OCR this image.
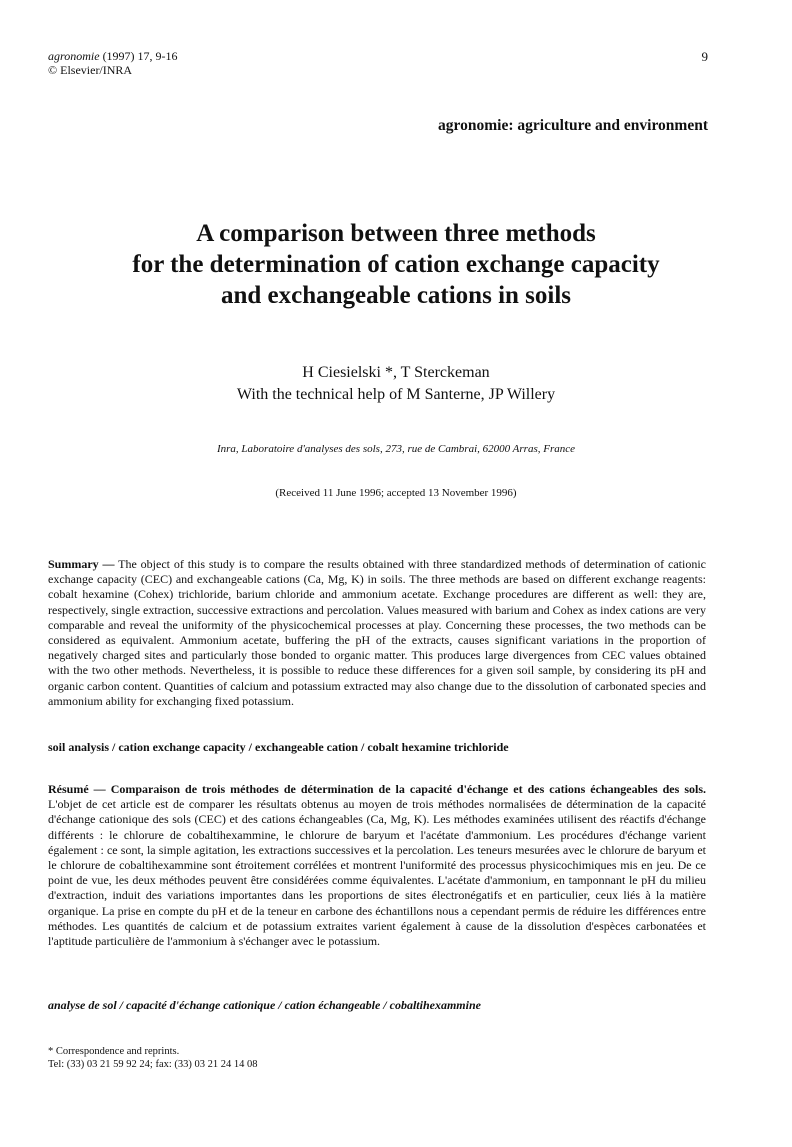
agronomie (1997) 17, 9-16
© Elsevier/INRA
9
agronomie: agriculture and environment
A comparison between three methods
for the determination of cation exchange capacity
and exchangeable cations in soils
H Ciesielski *, T Sterckeman
With the technical help of M Santerne, JP Willery
Inra, Laboratoire d'analyses des sols, 273, rue de Cambrai, 62000 Arras, France
(Received 11 June 1996; accepted 13 November 1996)
Summary — The object of this study is to compare the results obtained with three standardized methods of determination of cationic exchange capacity (CEC) and exchangeable cations (Ca, Mg, K) in soils. The three methods are based on different exchange reagents: cobalt hexamine (Cohex) trichloride, barium chloride and ammonium acetate. Exchange procedures are different as well: they are, respectively, single extraction, successive extractions and percolation. Values measured with barium and Cohex as index cations are very comparable and reveal the uniformity of the physicochemical processes at play. Concerning these processes, the two methods can be considered as equivalent. Ammonium acetate, buffering the pH of the extracts, causes significant variations in the proportion of negatively charged sites and particularly those bonded to organic matter. This produces large divergences from CEC values obtained with the two other methods. Nevertheless, it is possible to reduce these differences for a given soil sample, by considering its pH and organic carbon content. Quantities of calcium and potassium extracted may also change due to the dissolution of carbonated species and ammonium ability for exchanging fixed potassium.
soil analysis / cation exchange capacity / exchangeable cation / cobalt hexamine trichloride
Résumé — Comparaison de trois méthodes de détermination de la capacité d'échange et des cations échangeables des sols. L'objet de cet article est de comparer les résultats obtenus au moyen de trois méthodes normalisées de détermination de la capacité d'échange cationique des sols (CEC) et des cations échangeables (Ca, Mg, K). Les méthodes examinées utilisent des réactifs d'échange différents : le chlorure de cobaltihexammine, le chlorure de baryum et l'acétate d'ammonium. Les procédures d'échange varient également : ce sont, la simple agitation, les extractions successives et la percolation. Les teneurs mesurées avec le chlorure de baryum et le chlorure de cobaltihexammine sont étroitement corrélées et montrent l'uniformité des processus physicochimiques mis en jeu. De ce point de vue, les deux méthodes peuvent être considérées comme équivalentes. L'acétate d'ammonium, en tamponnant le pH du milieu d'extraction, induit des variations importantes dans les proportions de sites électronégatifs et en particulier, ceux liés à la matière organique. La prise en compte du pH et de la teneur en carbone des échantillons nous a cependant permis de réduire les différences entre méthodes. Les quantités de calcium et de potassium extraites varient également à cause de la dissolution d'espèces carbonatées et l'aptitude particulière de l'ammonium à s'échanger avec le potassium.
analyse de sol / capacité d'échange cationique / cation échangeable / cobaltihexammine
* Correspondence and reprints.
Tel: (33) 03 21 59 92 24; fax: (33) 03 21 24 14 08
